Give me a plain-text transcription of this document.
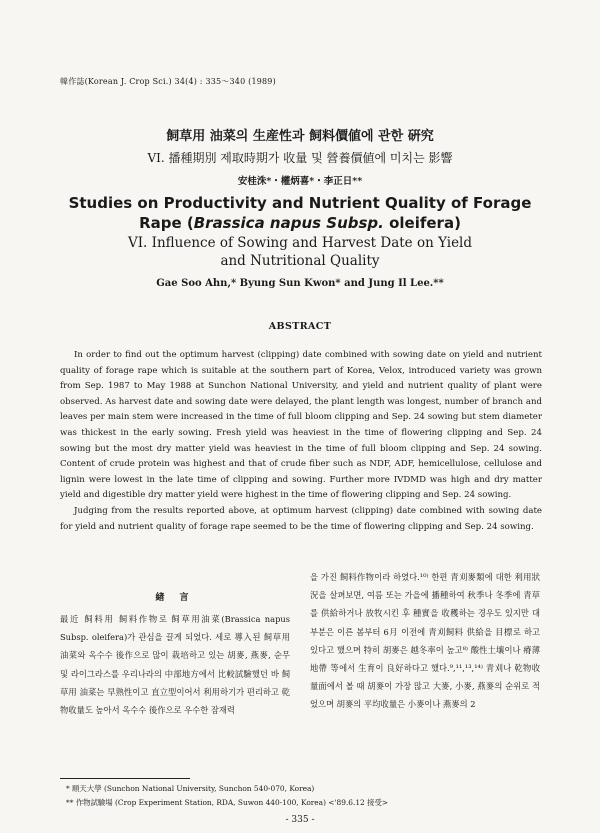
韓作誌(Korean J. Crop Sci.) 34(4) : 335～340 (1989)
飼草用 油菜의 生産性과 飼料價値에 관한 硏究
VI. 播種期別 제取時期가 收量 및 營養價値에 미치는 影響
安桂洙*・權炳喜*・李正日**
Studies on Productivity and Nutrient Quality of Forage
Rape (Brassica napus Subsp. oleifera)
VI. Influence of Sowing and Harvest Date on Yield
and Nutritional Quality
Gae Soo Ahn,* Byung Sun Kwon* and Jung Il Lee.**
ABSTRACT

In order to find out the optimum harvest (clipping) date combined with sowing date on yield and nutrient quality of forage rape which is suitable at the southern part of Korea, Velox, introduced variety was grown from Sep. 1987 to May 1988 at Sunchon National University, and yield and nutrient quality of plant were observed. As harvest date and sowing date were delayed, the plant length was longest, number of branch and leaves per main stem were increased in the time of full bloom clipping and Sep. 24 sowing but stem diameter was thickest in the early sowing. Fresh yield was heaviest in the time of flowering clipping and Sep. 24 sowing but the most dry matter yield was heaviest in the time of full bloom clipping and Sep. 24 sowing. Content of crude protein was highest and that of crude fiber such as NDF, ADF, hemicellulose, cellulose and lignin were lowest in the late time of clipping and sowing. Further more IVDMD was high and dry matter yield and digestible dry matter yield were highest in the time of flowering clipping and Sep. 24 sowing.

Judging from the results reported above, at optimum harvest (clipping) date combined with sowing date for yield and nutrient quality of forage rape seemed to be the time of flowering clipping and Sep. 24 sowing.

緖 言

最近 飼料用 飼料作物로 飼草用油菜(Brassica napus Subsp. oleifera)가 관심을 끌게 되었다. 세로 導入된 飼草用 油菜와 옥수수 後作으로 많이 栽培하고 있는 胡麥, 燕麥, 순무 및 라이그라스를 우리나라의 中部地方에서 比較試驗했던 바 飼草用 油菜는 早熟性이고 直立型이어서 利用하기가 편리하고 乾物收量도 높아서 옥수수 後作으로 우수한 잠재력

을 가진 飼料作物이라 하였다.¹⁰⁾ 한편 青刈麥類에 대한 利用狀況을 살펴보면, 여름 또는 가을에 播種하여 秋季나 冬季에 青草를 供給하거나 放牧시킨 후 種實을 收穫하는 경우도 있지만 대부분은 이른 봄부터 6月 이전에 青刈飼料 供給을 目標로 하고 있다고 했으며 特히 胡麥은 越冬率이 높고⁸⁾ 酸性土壤이나 瘠薄地帶 等에서 生育이 良好하다고 했다.⁹,¹¹,¹³,¹⁴⁾ 青刈나 乾物收量面에서 볼 때 胡麥이 가장 많고 大麥, 小麥, 燕麥의 순위로 적었으며 胡麥의 平均收量은 小麥이나 燕麥의 2

* 順天大學 (Sunchon National University, Sunchon 540-070, Korea)
** 作物試驗場 (Crop Experiment Station, RDA, Suwon 440-100, Korea) <'89.6.12 接受>
- 335 -
